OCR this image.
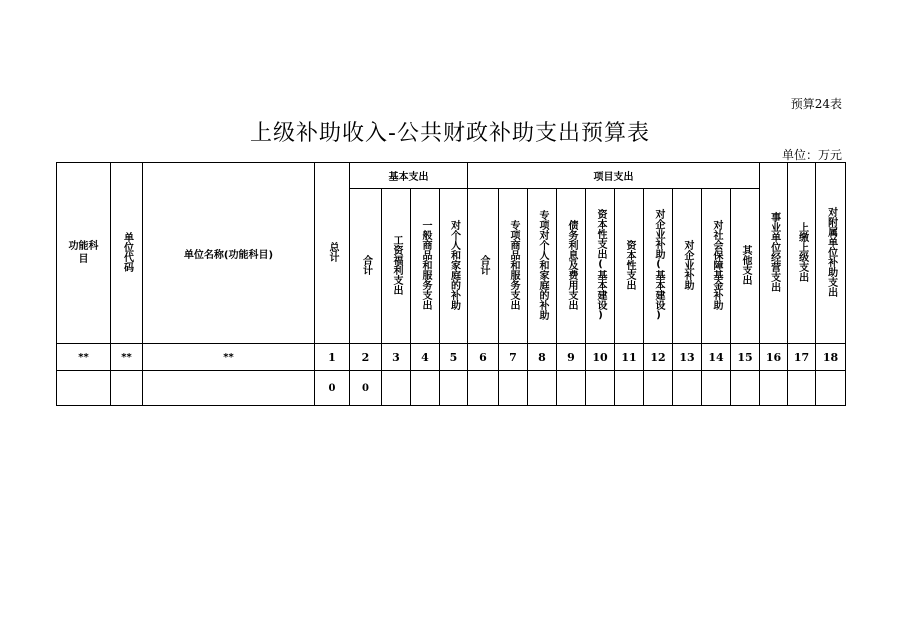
预算24表
上级补助收入-公共财政补助支出预算表
单位：万元
功能科目	单位代码	单位名称(功能科目)	总计	基本支出				项目支出										事业单位经营支出	上缴上级支出	对附属单位补助支出
				合计	工资福利支出	一般商品和服务支出	对个人和家庭的补助	合计	专项商品和服务支出	专项对个人和家庭的补助	债务利息及费用支出	资本性支出(基本建设)	资本性支出	对企业补助(基本建设)	对企业补助	对社会保障基金补助	其他支出			
**	**	**	1	2	3	4	5	6	7	8	9	10	11	12	13	14	15	16	17	18
			0	0																
